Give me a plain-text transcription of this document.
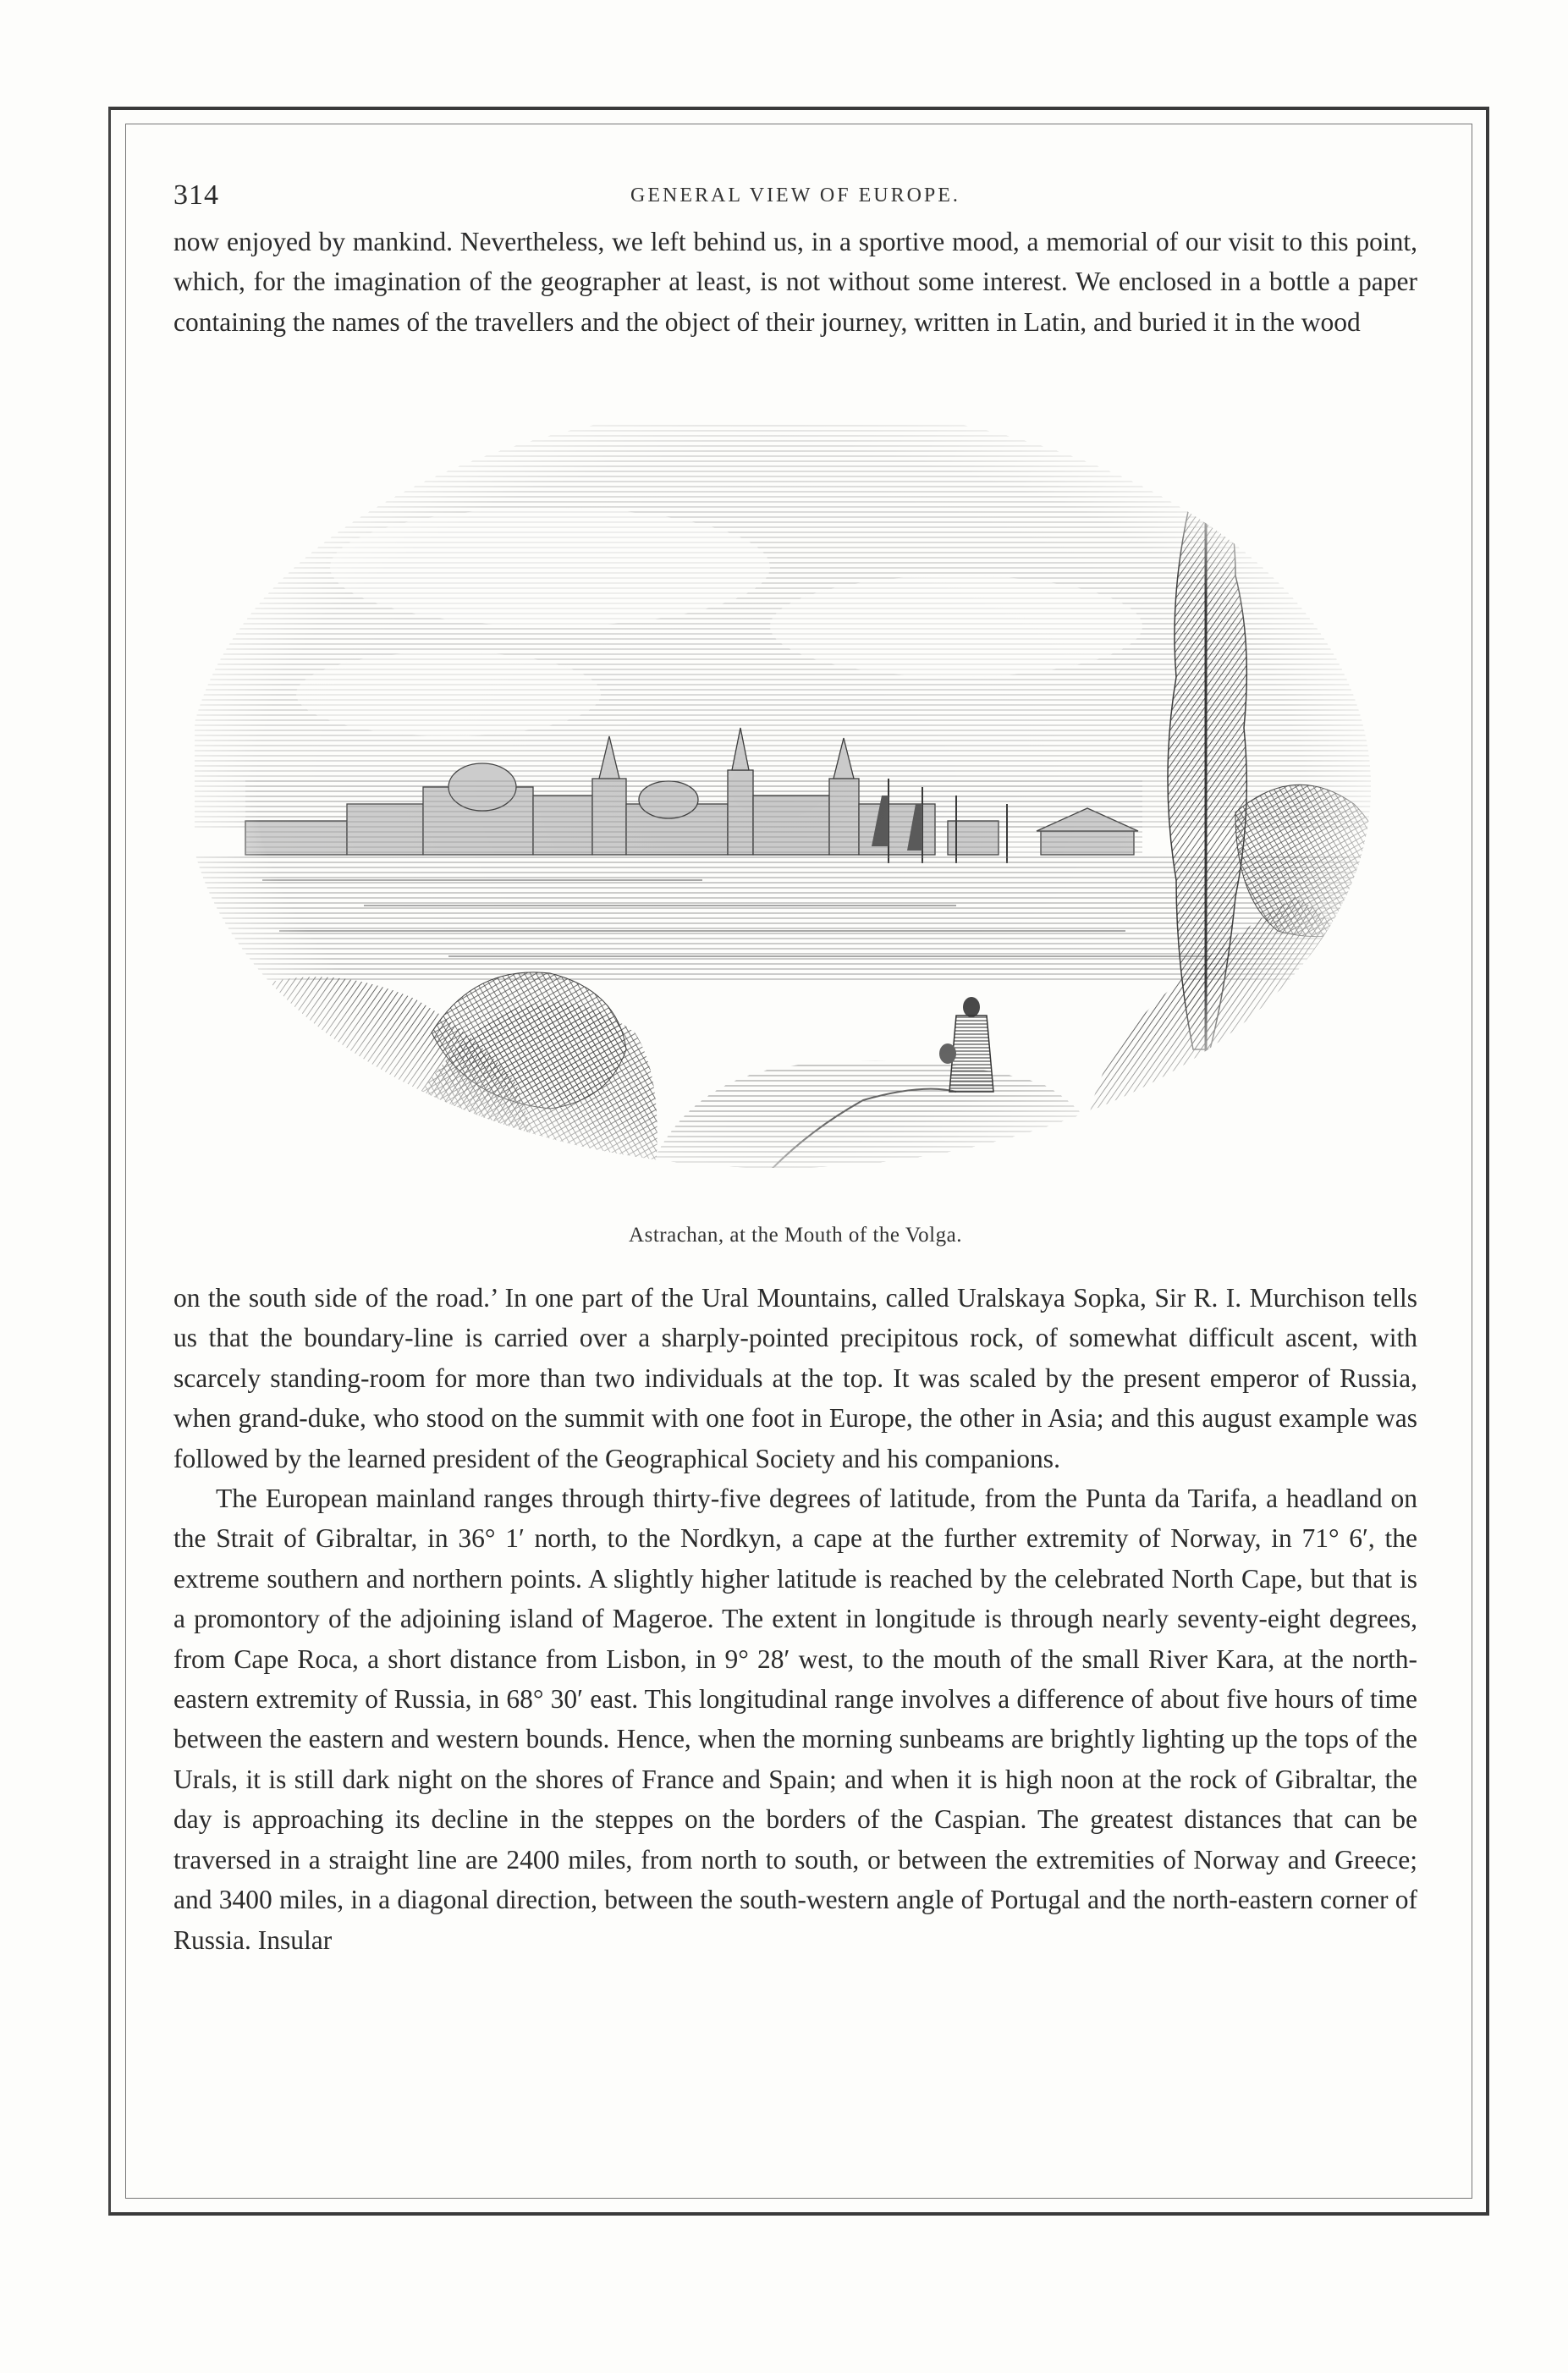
314	GENERAL VIEW OF EUROPE.

now enjoyed by mankind. Nevertheless, we left behind us, in a sportive mood, a memorial of our visit to this point, which, for the imagination of the geographer at least, is not without some interest. We enclosed in a bottle a paper containing the names of the travellers and the object of their journey, written in Latin, and buried it in the wood

Astrachan, at the Mouth of the Volga.

on the south side of the road.’ In one part of the Ural Mountains, called Uralskaya Sopka, Sir R. I. Murchison tells us that the boundary-line is carried over a sharply-pointed precipitous rock, of somewhat difficult ascent, with scarcely standing-room for more than two individuals at the top. It was scaled by the present emperor of Russia, when grand-duke, who stood on the summit with one foot in Europe, the other in Asia; and this august example was followed by the learned president of the Geographical Society and his companions.

The European mainland ranges through thirty-five degrees of latitude, from the Punta da Tarifa, a headland on the Strait of Gibraltar, in 36° 1′ north, to the Nordkyn, a cape at the further extremity of Norway, in 71° 6′, the extreme southern and northern points. A slightly higher latitude is reached by the celebrated North Cape, but that is a promontory of the adjoining island of Mageroe. The extent in longitude is through nearly seventy-eight degrees, from Cape Roca, a short distance from Lisbon, in 9° 28′ west, to the mouth of the small River Kara, at the north-eastern extremity of Russia, in 68° 30′ east. This longitudinal range involves a difference of about five hours of time between the eastern and western bounds. Hence, when the morning sunbeams are brightly lighting up the tops of the Urals, it is still dark night on the shores of France and Spain; and when it is high noon at the rock of Gibraltar, the day is approaching its decline in the steppes on the borders of the Caspian. The greatest distances that can be traversed in a straight line are 2400 miles, from north to south, or between the extremities of Norway and Greece; and 3400 miles, in a diagonal direction, between the south-western angle of Portugal and the north-eastern corner of Russia. Insular
